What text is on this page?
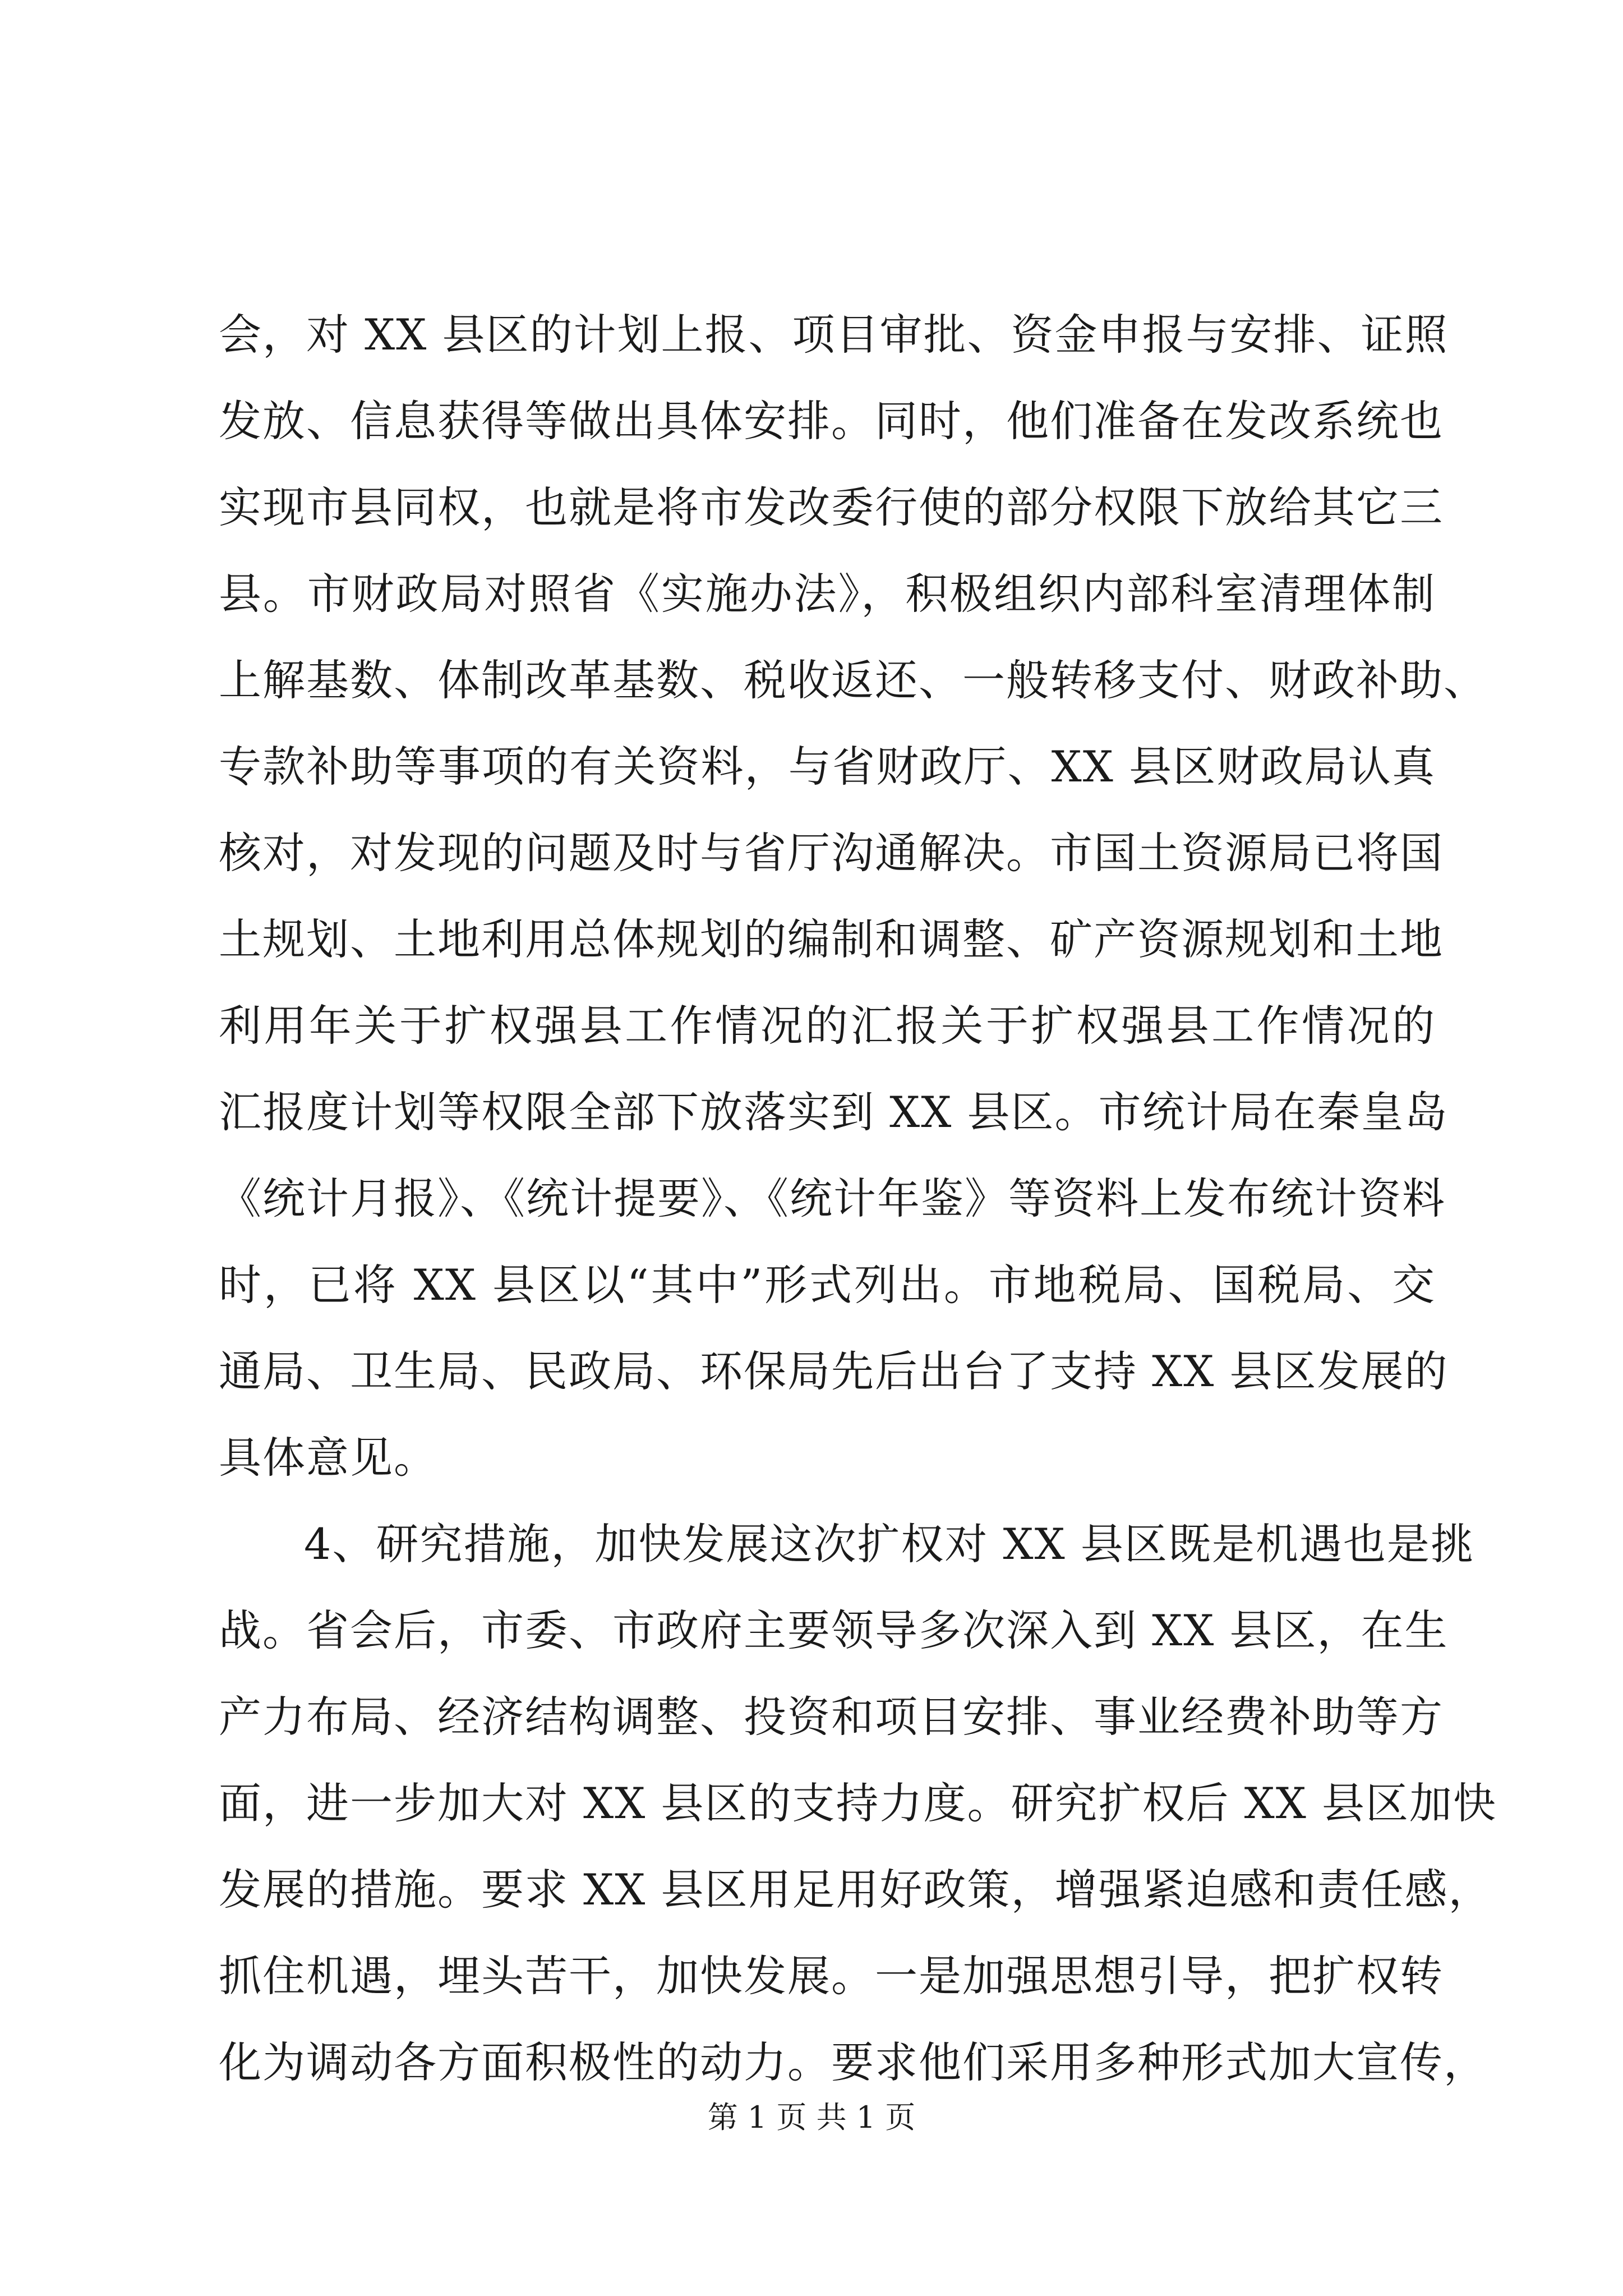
会，对 XX 县区的计划上报、项目审批、资金申报与安排、证照
发放、信息获得等做出具体安排。同时，他们准备在发改系统也
实现市县同权，也就是将市发改委行使的部分权限下放给其它三
县。市财政局对照省《实施办法》，积极组织内部科室清理体制
上解基数、体制改革基数、税收返还、一般转移支付、财政补助、
专款补助等事项的有关资料，与省财政厅、XX 县区财政局认真
核对，对发现的问题及时与省厅沟通解决。市国土资源局已将国
土规划、土地利用总体规划的编制和调整、矿产资源规划和土地
利用年关于扩权强县工作情况的汇报关于扩权强县工作情况的
汇报度计划等权限全部下放落实到 XX 县区。市统计局在秦皇岛
《统计月报》、《统计提要》、《统计年鉴》等资料上发布统计资料
时，已将 XX 县区以“其中”形式列出。市地税局、国税局、交
通局、卫生局、民政局、环保局先后出台了支持 XX 县区发展的
具体意见。
4、研究措施，加快发展这次扩权对 XX 县区既是机遇也是挑
战。省会后，市委、市政府主要领导多次深入到 XX 县区，在生
产力布局、经济结构调整、投资和项目安排、事业经费补助等方
面，进一步加大对 XX 县区的支持力度。研究扩权后 XX 县区加快
发展的措施。要求 XX 县区用足用好政策，增强紧迫感和责任感，
抓住机遇，埋头苦干，加快发展。一是加强思想引导，把扩权转
化为调动各方面积极性的动力。要求他们采用多种形式加大宣传，
第 1 页 共 1 页
